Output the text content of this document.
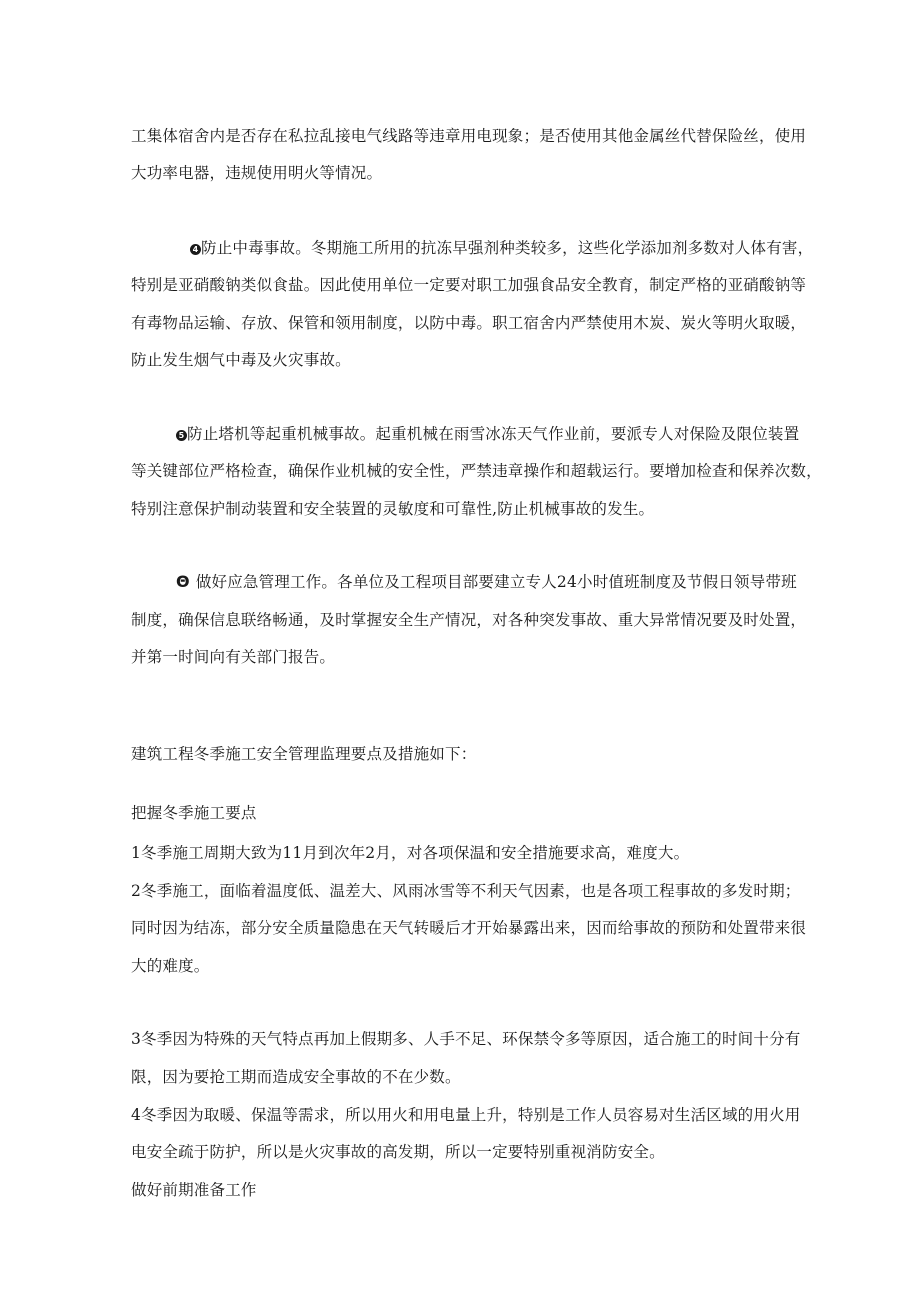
工集体宿舍内是否存在私拉乱接电气线路等违章用电现象；是否使用其他金属丝代替保险丝，使用
大功率电器，违规使用明火等情况。
4 防止中毒事故。冬期施工所用的抗冻早强剂种类较多，这些化学添加剂多数对人体有害，
特别是亚硝酸钠类似食盐。因此使用单位一定要对职工加强食品安全教育，制定严格的亚硝酸钠等
有毒物品运输、存放、保管和领用制度，以防中毒。职工宿舍内严禁使用木炭、炭火等明火取暖，
防止发生烟气中毒及火灾事故。
5 防止塔机等起重机械事故。起重机械在雨雪冰冻天气作业前，要派专人对保险及限位装置
等关键部位严格检查，确保作业机械的安全性，严禁违章操作和超载运行。要增加检查和保养次数，
特别注意保护制动装置和安全装置的灵敏度和可靠性,防止机械事故的发生。
Θ 做好应急管理工作。各单位及工程项目部要建立专人24小时值班制度及节假日领导带班
制度，确保信息联络畅通，及时掌握安全生产情况，对各种突发事故、重大异常情况要及时处置，
并第一时间向有关部门报告。
建筑工程冬季施工安全管理监理要点及措施如下：
把握冬季施工要点
1冬季施工周期大致为11月到次年2月，对各项保温和安全措施要求高，难度大。
2冬季施工，面临着温度低、温差大、风雨冰雪等不利天气因素，也是各项工程事故的多发时期；
同时因为结冻，部分安全质量隐患在天气转暖后才开始暴露出来，因而给事故的预防和处置带来很
大的难度。
3冬季因为特殊的天气特点再加上假期多、人手不足、环保禁令多等原因，适合施工的时间十分有
限，因为要抢工期而造成安全事故的不在少数。
4冬季因为取暖、保温等需求，所以用火和用电量上升，特别是工作人员容易对生活区域的用火用
电安全疏于防护，所以是火灾事故的高发期，所以一定要特别重视消防安全。
做好前期准备工作
